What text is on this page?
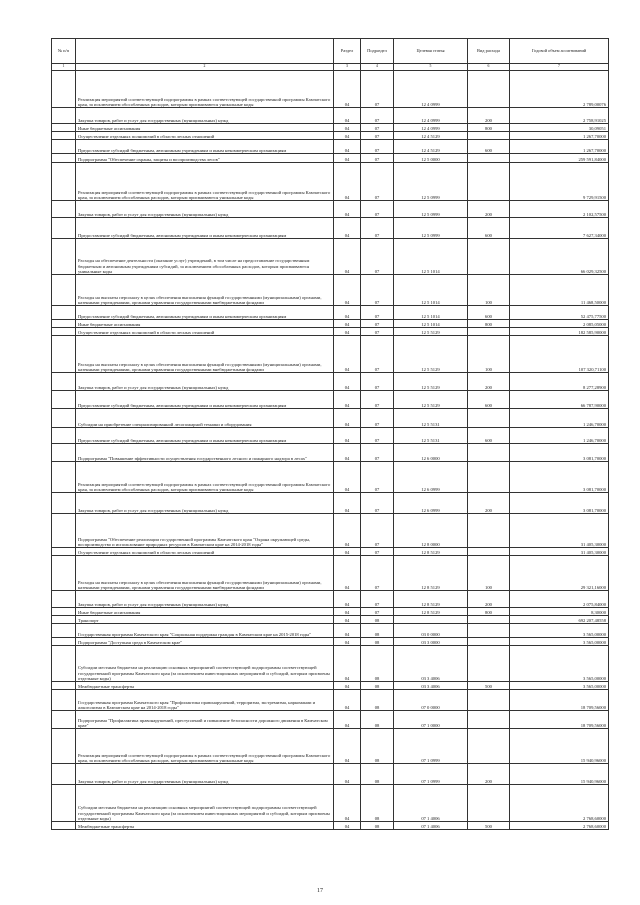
№ п/п		Раздел	Подраздел	Целевая статья	Вид расхода	Годовой объем ассигнований
1	2	3	4	5	6	7
	Реализация мероприятий соответствующей подпрограммы в рамках соответствующей государственной программы Камчатского края, за исключением обособленных расходов, которым присваиваются уникальные коды	04	07	12 4 0999		2 789,00076
	Закупка товаров, работ и услуг для государственных (муниципальных) нужд	04	07	12 4 0999	200	2 758,91025
	Иные бюджетные ассигнования	04	07	12 4 0999	800	30,09051
	Осуществление отдельных полномочий в области лесных отношений	04	07	12 4 5129		1 267,70000
	Предоставление субсидий бюджетным, автономным учреждениям и иным некоммерческим организациям	04	07	12 4 5129	600	1 267,70000
	Подпрограмма "Обеспечение охраны, защиты и воспроизводства лесов"	04	07	12 5 0000		259 591,84000
	Реализация мероприятий соответствующей подпрограммы в рамках соответствующей государственной программы Камчатского края, за исключением обособленных расходов, которым присваиваются уникальные коды	04	07	12 5 0999		9 729,91500
	Закупка товаров, работ и услуг для государственных (муниципальных) нужд	04	07	12 5 0999	200	2 102,57500
	Предоставление субсидий бюджетным, автономным учреждениям и иным некоммерческим организациям	04	07	12 5 0999	600	7 627,34000
	Расходы на обеспечение деятельности (оказание услуг) учреждений, в том числе на предоставление государственным бюджетным и автономным учреждениям субсидий, за исключением обособленных расходов, которым присваиваются уникальные коды	04	07	12 5 1014		66 029,32500
	Расходы на выплаты персоналу в целях обеспечения выполнения функций государственными (муниципальными) органами, казенными учреждениями, органами управления государственными внебюджетными фондами	04	07	12 5 1014	100	11 468,50000
	Предоставление субсидий бюджетным, автономным учреждениям и иным некоммерческим организациям	04	07	12 5 1014	600	52 475,77500
	Иные бюджетные ассигнования	04	07	12 5 1014	800	2 085,05000
	Осуществление отдельных полномочий в области лесных отношений	04	07	12 5 5129		182 585,90000
	Расходы на выплаты персоналу в целях обеспечения выполнения функций государственными (муниципальными) органами, казенными учреждениями, органами управления государственными внебюджетными фондами	04	07	12 5 5129	100	107 320,71100
	Закупка товаров, работ и услуг для государственных (муниципальных) нужд	04	07	12 5 5129	200	8 277,28900
	Предоставление субсидий бюджетным, автономным учреждениям и иным некоммерческим организациям	04	07	12 5 5129	600	66 787,90000
	Субсидии на приобретение специализированной лесопожарной техники и оборудования	04	07	12 5 5131		1 246,70000
	Предоставление субсидий бюджетным, автономным учреждениям и иным некоммерческим организациям	04	07	12 5 5131	600	1 246,70000
	Подпрограмма "Повышение эффективности осуществления государственного лесного и пожарного надзора в лесах"	04	07	12 6 0000		3 081,70000
	Реализация мероприятий соответствующей подпрограммы в рамках соответствующей государственной программы Камчатского края, за исключением обособленных расходов, которым присваиваются уникальные коды	04	07	12 6 0999		3 081,70000
	Закупка товаров, работ и услуг для государственных (муниципальных) нужд	04	07	12 6 0999	200	3 081,70000
	Подпрограмма "Обеспечение реализации государственной программы Камчатского края "Охрана окружающей среды, воспроизводство и использование природных ресурсов в Камчатском крае на 2014-2018 годы"	04	07	12 8 0000		31 405,30000
	Осуществление отдельных полномочий в области лесных отношений	04	07	12 8 5129		31 405,30000
	Расходы на выплаты персоналу в целях обеспечения выполнения функций государственными (муниципальными) органами, казенными учреждениями, органами управления государственными внебюджетными фондами	04	07	12 8 5129	100	29 321,16000
	Закупка товаров, работ и услуг для государственных (муниципальных) нужд	04	07	12 8 5129	200	2 075,84000
	Иные бюджетные ассигнования	04	07	12 8 5129	800	8,30000
	Транспорт	04	08			692 207,48558
	Государственная программа Камчатского края "Социальная поддержка граждан в Камчатском крае на 2015-2018 годы"	04	08	03 0 0000		3 565,00000
	Подпрограмма "Доступная среда в Камчатском крае"	04	08	03 3 0000		3 565,00000
	Субсидии местным бюджетам на реализацию основных мероприятий соответствующей подпрограммы соответствующей государственной программы Камчатского края (за исключением инвестиционных мероприятий и субсидий, которым присвоены отдельные коды)	04	08	03 3 4006		3 565,00000
	Межбюджетные трансферты	04	08	03 3 4006	500	3 565,00000
	Государственная программа Камчатского края "Профилактика правонарушений, терроризма, экстремизма, наркомании и алкоголизма в Камчатском крае на 2014-2018 годы"	04	08	07 0 0000		18 709,56000
	Подпрограмма "Профилактика правонарушений, преступлений и повышение безопасности дорожного движения в Камчатском крае"	04	08	07 1 0000		18 709,56000
	Реализация мероприятий соответствующей подпрограммы в рамках соответствующей государственной программы Камчатского края, за исключением обособленных расходов, которым присваиваются уникальные коды	04	08	07 1 0999		15 940,96000
	Закупка товаров, работ и услуг для государственных (муниципальных) нужд	04	08	07 1 0999	200	15 940,96000
	Субсидии местным бюджетам на реализацию основных мероприятий соответствующей подпрограммы соответствующей государственной программы Камчатского края (за исключением инвестиционных мероприятий и субсидий, которым присвоены отдельные коды)	04	08	07 1 4006		2 768,60000
	Межбюджетные трансферты	04	08	07 1 4006	500	2 768,60000
17
